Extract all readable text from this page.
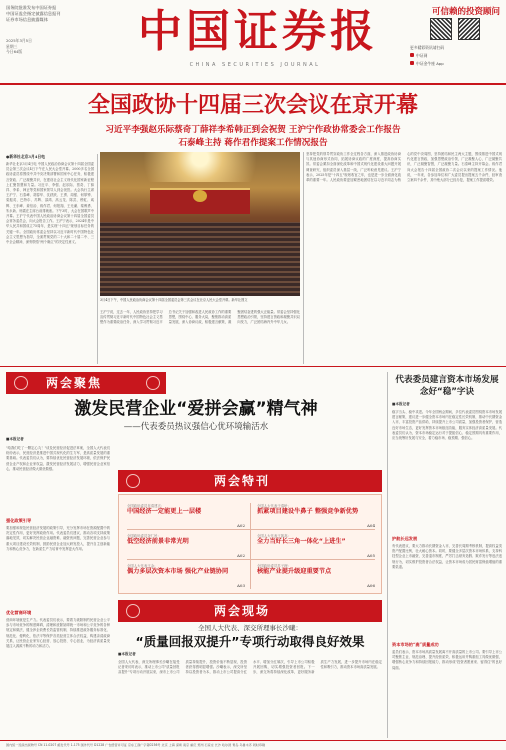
国务院批准发布中国证券报
中国证监会指定披露信息报刊
证券市场信息披露媒体
2025年3月5日
星期三
今日64版	中国证券报
CHINA SECURITIES JOURNAL
可信赖的投资顾问
更多精彩资讯请扫码
中证网
中证金牛座 App
全国政协十四届三次会议在京开幕
习近平李强赵乐际蔡奇丁薛祥李希韩正到会祝贺 王沪宁作政协常委会工作报告
石泰峰主持 蒋作君作提案工作情况报告
●新华社北京3月4日电
新华社北京3月4日电 中国人民政治协商会议第十四届全国委员会第三次会议4日下午在人民大会堂开幕。2000多名全国政协委员将围绕中共中央决策部署和国家中心任务，积极建言资政、广泛凝聚共识，在建设社会主义现代化国家新征程上汇聚智慧和力量。习近平、李强、赵乐际、蔡奇、丁薛祥、李希、韩正等党和国家领导人到会祝贺。大会执行主席王沪宁、石泰峰、胡春华、沈跃跃、王勇、周强、何厚铧、梁振英、巴特尔、苏辉、邵鸿、高云龙、陈武、穆虹、咸辉、王东峰、姜信治、蒋作君、何报翔、王光谦、秦博勇、朱永新、杨震在主席台前排就座。下午3时，大会在国歌声中开幕。王沪宁代表中国人民政治协商会议第十四届全国委员会常务委员会，向大会报告工作。王沪宁表示，2024年是中华人民共和国成立75周年，是实现"十四五"规划目标任务的关键一年。全国政协常委会坚持以习近平新时代中国特色社会主义思想为指导，全面贯彻党的二十大和二十届二中、三中全会精神，深刻领悟"两个确立"的决定性意义。
3月4日下午，中国人民政治协商会议第十四届全国委员会第三次会议在北京人民大会堂开幕。新华社图文
王沪宁说，过去一年，人民政协坚持把学习宣传贯彻习近平新时代中国特色社会主义思想作为重要政治任务，深入学习贯彻习近平总书记关于加强和改进人民政协工作的重要思想，围绕中心、服务大局，聚焦推动高质量发展，深入协商议政，积极建言献策，凝聚团结奋进的强大正能量。常委会坚持强化思想政治引领，坚持建言资政和凝聚共识双向发力，广泛团结海内外中华儿女。
坚持把党的领导贯穿政协工作全过程各方面，深入推进政协协商与其他协商形式协同，拓展协商议政的广度深度，提高协商实效。常委会紧扣全面深化改革和中国式现代化建设重大问题开展调查研究，组织委员深入基层一线，广泛听取意见建议。王沪宁表示，2025年是"十四五"规划收官之年，也是进一步全面深化改革的重要一年。人民政协要更加紧密地团结在以习近平同志为核心的党中央周围，坚持团结和民主两大主题，围绕推进中国式现代化建言资政，加强思想政治引领，广泛凝聚人心，广泛凝聚共识，广泛凝聚智慧，广泛凝聚力量。石泰峰主持开幕会。蒋作君向大会报告十四届全国政协二次会议以来的提案工作情况。他说，一年来，各参加单位和广大委员提出提案五千余件，经审查立案四千余件，其中绝大部分已经办复，提案工作提质增效。
两会聚焦
激发民营企业“爱拼会赢”精气神
——代表委员热议强信心优环境输活水
■本报记者
"给我们吃了一颗定心丸！"谈及民营经济促进法草案，全国人大代表们纷纷表示，民营经济是推进中国式现代化的生力军，是高质量发展的重要基础。代表委员们认为，要持续优化民营经济发展环境，依法保护民营企业产权和企业家权益，激发民营经济发展活力，增强民营企业家信心，推动民营经济做大做优做强。
强化政策引导
要加强和规范民营经济发展的政策引导，充分发挥市场在资源配置中的决定性作用，更好发挥政府作用。代表委员们建议，推动各项支持政策落地见效，切实解决民营企业融资难、融资贵问题，完善民营企业参与重大项目建设长效机制，鼓励民营企业加大研发投入，提升自主创新能力和核心竞争力，在新质生产力培育中发挥更大作用。
优化营商环境
营商环境就是生产力。代表委员们表示，要着力破除制约民营企业公平参与市场竞争的制度障碍，清理和废除妨碍统一市场和公平竞争的各种规定和做法，健全涉企收费长效监管机制，持续推进政务服务标准化、规范化、便利化，依法平等保护各类经营主体合法权益，构建亲清政商关系，让民营企业家安心经营、放心投资、专心创业，为经济高质量发展注入源源不断的动力和活力。
两会特刊
全国政协委员吴清建言：
中国经济一定能更上一层楼
A02
全国人大代表于清岭：
抓紧项目建设牛鼻子 整强竞争新优势
A04
全国政协委员尧仁民：
低空经济前景非常光明
A02
全国人大代表王凯高：
全力当好长三角一体化“上进生”
A05
全国人大代表王金：
偶力多层次资本市场 强化产业链协同
A03
全国政协委员苏子理：
核能产业提升级迎重要节点
A06
两会现场
全国人大代表、深交所理事长沙曦：
“质量回报双提升”专项行动取得良好效果
■本报记者
全国人大代表、深交所理事长沙曦在接受记者采访时表示，推动上市公司"质量回报双提升"专项行动开展以来，深市上市公司质量持续提升，投资价值不断显现，投资者获得感明显增强。沙曦表示，深交所坚持以投资者为本，推动上市公司提高分红水平、增加分红频次，引导上市公司积极开展回购，切实增强投资者回报。下一步，深交所将持续深化改革，更好服务新质生产力发展，进一步提升市场内在稳定性和吸引力，推动资本市场高质量发展。
代表委员建言资本市场发展
念好“稳”字诀
■本报记者
稳字当头、稳中求进。今年全国两会期间，多位代表委员围绕资本市场发展建言献策，建议进一步健全资本市场内在稳定性长效机制，推动中长期资金入市，丰富投资产品供给，持续提升上市公司质量，加强投资者保护，营造良好市场生态，更好发挥资本市场枢纽功能，服务实体经济高质量发展。代表委员们认为，资本市场稳定运行对于提振信心、稳定预期具有重要作用，应当统筹好发展与安全，着力稳市场、稳预期、强信心。
护航长远发展
有代表建议，要大力推动长期资金入市，完善长周期考核机制，提高权益类资产配置比例，壮大耐心资本。同时，要健全多层次资本市场体系，支持科技型企业上市融资，完善退市制度，严厉打击财务造假、欺诈发行等违法违规行为，切实维护投资者合法权益，让资本市场成为居民财富保值增值的重要渠道。
资本市场的“高”质量成功
委员们表示，资本市场高质量发展离不开高质量的上市公司。要引导上市公司聚焦主业、规范治理、提升经营质效，积极运用并购重组工具做优做强，增强核心竞争力和持续回报能力，推动形成"投资者愿意来、留得住"的良好局面。
国内统一连续出版物号 CN 11-0207 邮发代号 1-175 国外代号 D1228 广告经营许可证 京东工商广字第0236号 北京 上海 深圳 南京 重庆 郑州 石家庄 长沙 哈尔滨 青岛 乌鲁木齐 同时印刷
